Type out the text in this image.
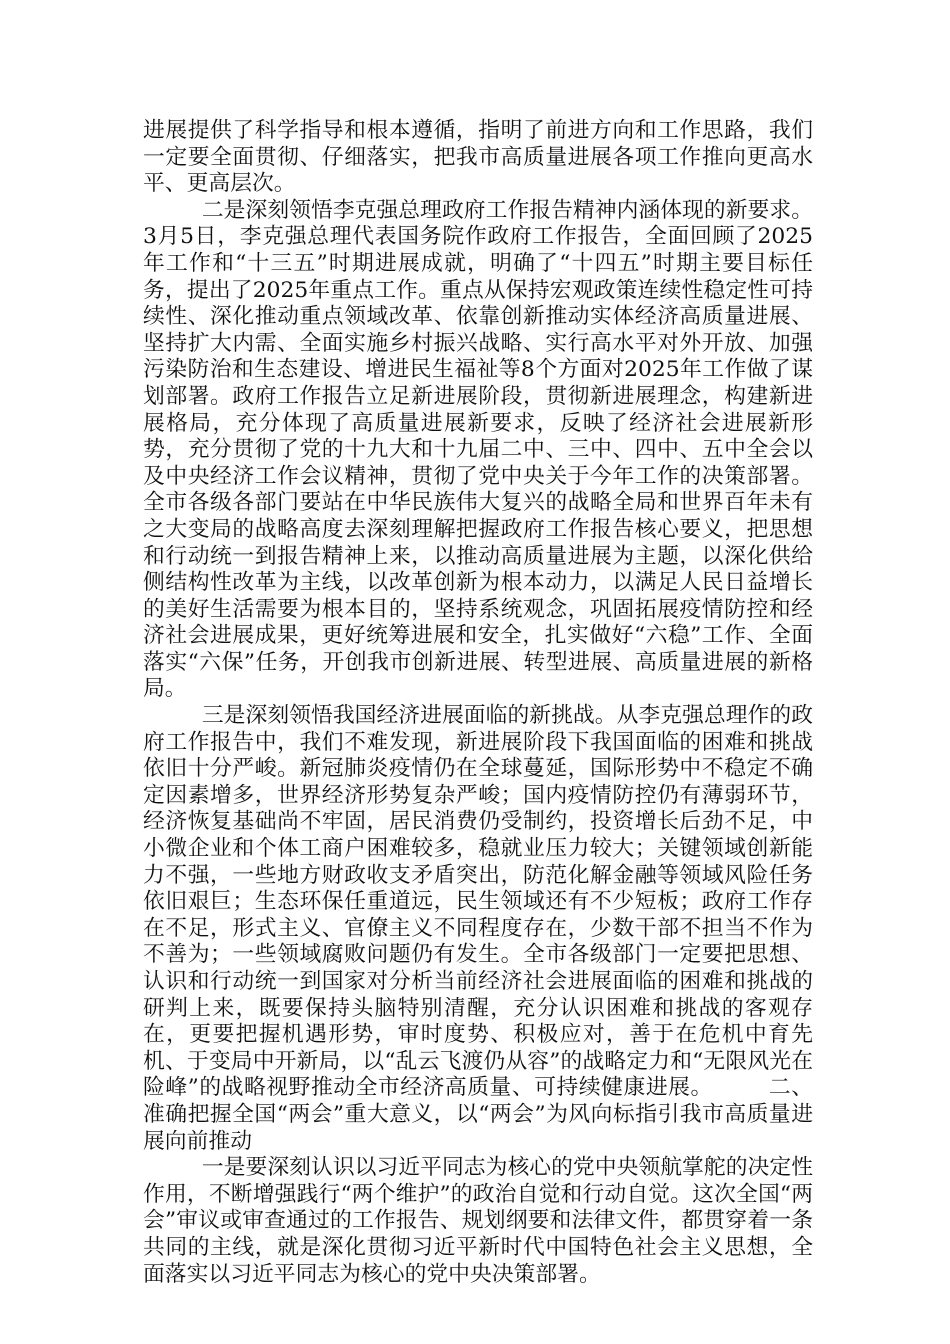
进展提供了科学指导和根本遵循，指明了前进方向和工作思路，我们一定要全面贯彻、仔细落实，把我市高质量进展各项工作推向更高水平、更高层次。

二是深刻领悟李克强总理政府工作报告精神内涵体现的新要求。3月5日，李克强总理代表国务院作政府工作报告，全面回顾了2025年工作和“十三五”时期进展成就，明确了“十四五”时期主要目标任务，提出了2025年重点工作。重点从保持宏观政策连续性稳定性可持续性、深化推动重点领域改革、依靠创新推动实体经济高质量进展、坚持扩大内需、全面实施乡村振兴战略、实行高水平对外开放、加强污染防治和生态建设、增进民生福祉等8个方面对2025年工作做了谋划部署。政府工作报告立足新进展阶段，贯彻新进展理念，构建新进展格局，充分体现了高质量进展新要求，反映了经济社会进展新形势，充分贯彻了党的十九大和十九届二中、三中、四中、五中全会以及中央经济工作会议精神，贯彻了党中央关于今年工作的决策部署。全市各级各部门要站在中华民族伟大复兴的战略全局和世界百年未有之大变局的战略高度去深刻理解把握政府工作报告核心要义，把思想和行动统一到报告精神上来，以推动高质量进展为主题，以深化供给侧结构性改革为主线，以改革创新为根本动力，以满足人民日益增长的美好生活需要为根本目的，坚持系统观念，巩固拓展疫情防控和经济社会进展成果，更好统筹进展和安全，扎实做好“六稳”工作、全面落实“六保”任务，开创我市创新进展、转型进展、高质量进展的新格局。

三是深刻领悟我国经济进展面临的新挑战。从李克强总理作的政府工作报告中，我们不难发现，新进展阶段下我国面临的困难和挑战依旧十分严峻。新冠肺炎疫情仍在全球蔓延，国际形势中不稳定不确定因素增多，世界经济形势复杂严峻；国内疫情防控仍有薄弱环节，经济恢复基础尚不牢固，居民消费仍受制约，投资增长后劲不足，中小微企业和个体工商户困难较多，稳就业压力较大；关键领域创新能力不强，一些地方财政收支矛盾突出，防范化解金融等领域风险任务依旧艰巨；生态环保任重道远，民生领域还有不少短板；政府工作存在不足，形式主义、官僚主义不同程度存在，少数干部不担当不作为不善为；一些领域腐败问题仍有发生。全市各级部门一定要把思想、认识和行动统一到国家对分析当前经济社会进展面临的困难和挑战的研判上来，既要保持头脑特别清醒，充分认识困难和挑战的客观存在，更要把握机遇形势，审时度势、积极应对，善于在危机中育先机、于变局中开新局，以“乱云飞渡仍从容”的战略定力和“无限风光在险峰”的战略视野推动全市经济高质量、可持续健康进展。　　　二、准确把握全国“两会”重大意义，以“两会”为风向标指引我市高质量进展向前推动

一是要深刻认识以习近平同志为核心的党中央领航掌舵的决定性作用，不断增强践行“两个维护”的政治自觉和行动自觉。这次全国“两会”审议或审查通过的工作报告、规划纲要和法律文件，都贯穿着一条共同的主线，就是深化贯彻习近平新时代中国特色社会主义思想，全面落实以习近平同志为核心的党中央决策部署。
